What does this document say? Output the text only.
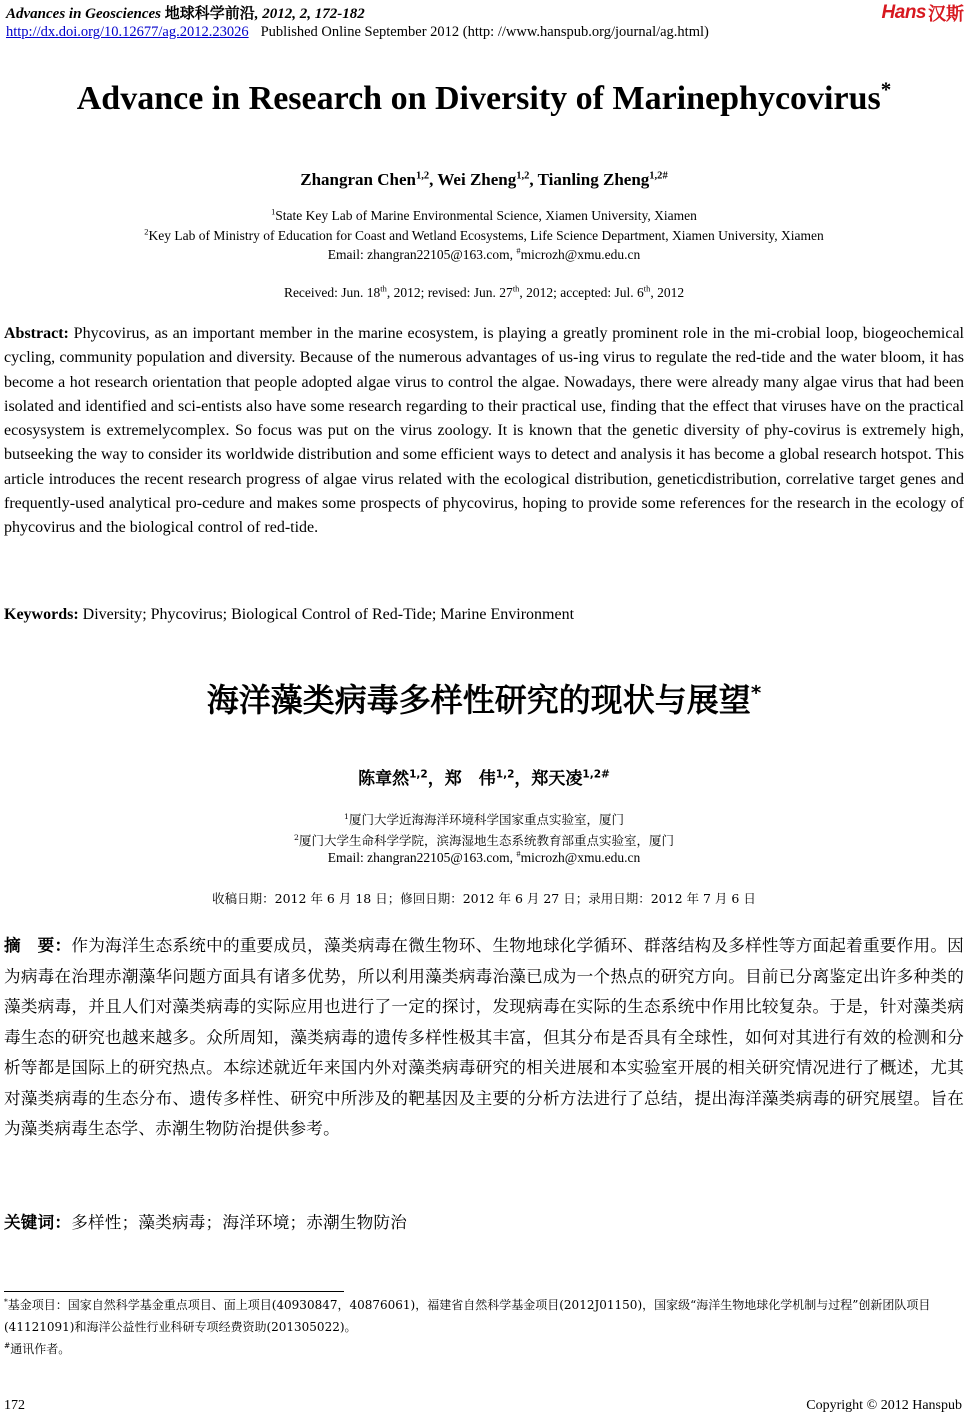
Advances in Geosciences 地球科学前沿, 2012, 2, 172-182
http://dx.doi.org/10.12677/ag.2012.23026 Published Online September 2012 (http: //www.hanspub.org/journal/ag.html)
Hans 汉斯
Advance in Research on Diversity of Marinephycovirus*
Zhangran Chen$^{1,2}$, Wei Zheng$^{1,2}$, Tianling Zheng$^{1,2\#}$
$^1$State Key Lab of Marine Environmental Science, Xiamen University, Xiamen
$^2$Key Lab of Ministry of Education for Coast and Wetland Ecosystems, Life Science Department, Xiamen University, Xiamen
Email: zhangran22105@163.com, #microzh@xmu.edu.cn
Received: Jun. 18th, 2012; revised: Jun. 27th, 2012; accepted: Jul. 6th, 2012
Abstract: Phycovirus, as an important member in the marine ecosystem, is playing a greatly prominent role in the mi-crobial loop, biogeochemical cycling, community population and diversity. Because of the numerous advantages of us-ing virus to regulate the red-tide and the water bloom, it has become a hot research orientation that people adopted algae virus to control the algae. Nowadays, there were already many algae virus that had been isolated and identified and sci-entists also have some research regarding to their practical use, finding that the effect that viruses have on the practical ecosysystem is extremelycomplex. So focus was put on the virus zoology. It is known that the genetic diversity of phy-covirus is extremely high, butseeking the way to consider its worldwide distribution and some efficient ways to detect and analysis it has become a global research hotspot. This article introduces the recent research progress of algae virus related with the ecological distribution, geneticdistribution, correlative target genes and frequently-used analytical pro-cedure and makes some prospects of phycovirus, hoping to provide some references for the research in the ecology of phycovirus and the biological control of red-tide.
Keywords: Diversity; Phycovirus; Biological Control of Red-Tide; Marine Environment
海洋藻类病毒多样性研究的现状与展望*
陈章然$^{1,2}$，郑　伟$^{1,2}$，郑天凌$^{1,2\#}$
$^1$厦门大学近海海洋环境科学国家重点实验室，厦门
$^2$厦门大学生命科学学院，滨海湿地生态系统教育部重点实验室，厦门
Email: zhangran22105@163.com, #microzh@xmu.edu.cn
收稿日期：2012 年 6 月 18 日；修回日期：2012 年 6 月 27 日；录用日期：2012 年 7 月 6 日
摘　要：作为海洋生态系统中的重要成员，藻类病毒在微生物环、生物地球化学循环、群落结构及多样性等方面起着重要作用。因为病毒在治理赤潮藻华问题方面具有诸多优势，所以利用藻类病毒治藻已成为一个热点的研究方向。目前已分离鉴定出许多种类的藻类病毒，并且人们对藻类病毒的实际应用也进行了一定的探讨，发现病毒在实际的生态系统中作用比较复杂。于是，针对藻类病毒生态的研究也越来越多。众所周知，藻类病毒的遗传多样性极其丰富，但其分布是否具有全球性，如何对其进行有效的检测和分析等都是国际上的研究热点。本综述就近年来国内外对藻类病毒研究的相关进展和本实验室开展的相关研究情况进行了概述，尤其对藻类病毒的生态分布、遗传多样性、研究中所涉及的靶基因及主要的分析方法进行了总结，提出海洋藻类病毒的研究展望。旨在为藻类病毒生态学、赤潮生物防治提供参考。
关键词：多样性；藻类病毒；海洋环境；赤潮生物防治
*基金项目：国家自然科学基金重点项目、面上项目(40930847，40876061)，福建省自然科学基金项目(2012J01150)，国家级“海洋生物地球化学机制与过程”创新团队项目(41121091)和海洋公益性行业科研专项经费资助(201305022)。
#通讯作者。
172	Copyright © 2012 Hanspub
